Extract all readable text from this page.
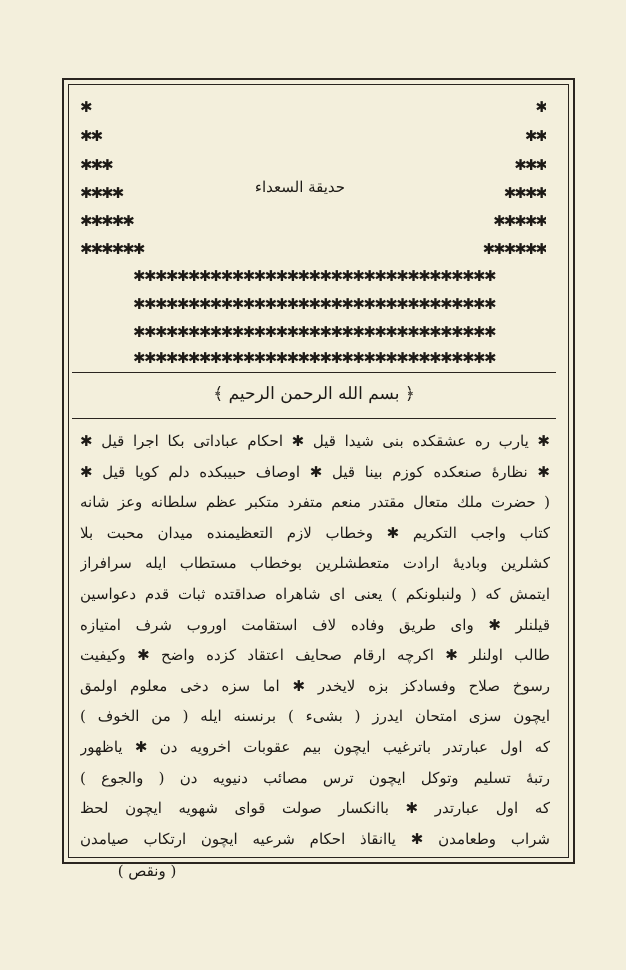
✱
✱✱
✱✱✱
✱✱✱✱
✱✱✱✱✱
✱✱✱✱✱✱
✱
✱✱
✱✱✱
✱✱✱✱
✱✱✱✱✱
✱✱✱✱✱✱
حديقة السعداء
✱✱✱✱✱✱✱✱✱✱✱✱✱✱✱✱✱✱✱✱✱✱✱✱✱✱✱✱✱✱✱✱✱
✱✱✱✱✱✱✱✱✱✱✱✱✱✱✱✱✱✱✱✱✱✱✱✱✱✱✱✱✱✱✱✱✱
✱✱✱✱✱✱✱✱✱✱✱✱✱✱✱✱✱✱✱✱✱✱✱✱✱✱✱✱✱✱✱✱✱
✱✱✱✱✱✱✱✱✱✱✱✱✱✱✱✱✱✱✱✱✱✱✱✱✱✱✱✱✱✱✱✱✱
﴿ بسم الله الرحمن الرحيم ﴾
✱ يارب ره عشقكده بنى شيدا قيل ✱ احكام عباداتى بكا اجرا قيل ✱
✱ نظارهٔ صنعكده كوزم بينا قيل ✱ اوصاف حبيبكده دلم كويا قيل ✱
( حضرت ملك متعال مقتدر منعم متفرد متكبر عظم سلطانه وعز شانه
كتاب واجب التكريم ✱ وخطاب لازم التعظيمنده ميدان محبت بلا
كشلرين وباديهٔ ارادت متعطشلرين بوخطاب مستطاب ايله سرافراز
ايتمش كه ( ولنبلونكم ) يعنى اى شاهراه صداقتده ثبات قدم دعواسين
قيلنلر ✱ واى طريق وفاده لاف استقامت اوروب شرف امتيازه
طالب اولنلر ✱ اكرچه ارقام صحايف اعتقاد كزده واضح ✱ وكيفيت
رسوخ صلاح وفسادكز بزه لايخدر ✱ اما سزه دخى معلوم اولمق
ايچون سزى امتحان ايدرز ( بشىء ) برنسنه ايله ( من الخوف )
كه اول عبارتدر باترغيب ايچون بيم عقوبات اخرويه دن ✱ ياظهور
رتبهٔ تسليم وتوكل ايچون ترس مصائب دنيويه دن ( والجوع )
كه اول عبارتدر ✱ باانكسار صولت قواى شهويه ايچون لحظ
شراب وطعامدن ✱ ياانقاذ احكام شرعيه ايچون ارتكاب صيامدن
( ونقص )
